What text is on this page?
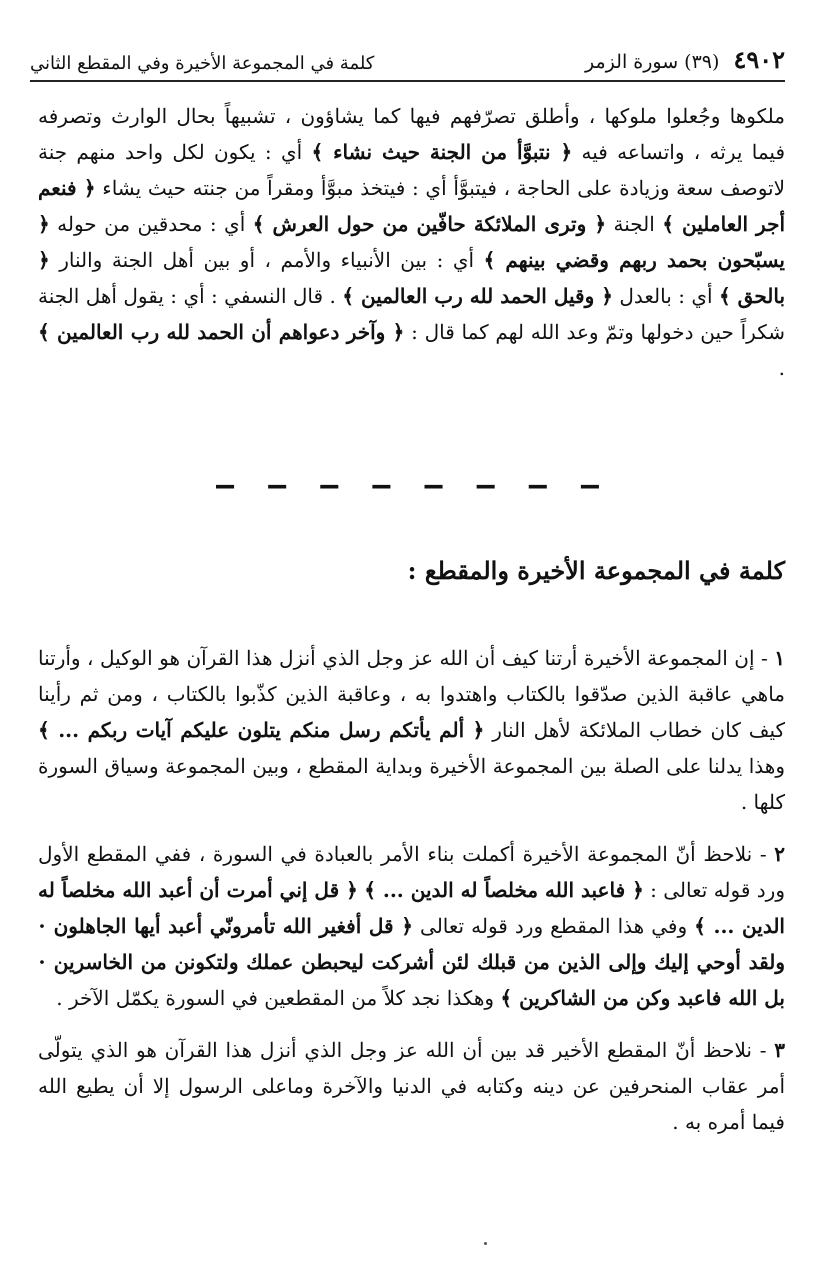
٤٩٠٢
(٣٩) سورة الزمر
كلمة في المجموعة الأخيرة وفي المقطع الثاني

ملكوها وجُعلوا ملوكها ، وأطلق تصرّفهم فيها كما يشاؤون ، تشبيهاً بحال الوارث وتصرفه فيما يرثه ، واتساعه فيه ﴿ نتبوَّأ من الجنة حيث نشاء ﴾ أي : يكون لكل واحد منهم جنة لاتوصف سعة وزيادة على الحاجة ، فيتبوَّأ أي : فيتخذ مبوَّأ ومقراً من جنته حيث يشاء ﴿ فنعم أجر العاملين ﴾ الجنة ﴿ وترى الملائكة حافّين من حول العرش ﴾ أي : محدقين من حوله ﴿ يسبّحون بحمد ربهم وقضي بينهم ﴾ أي : بين الأنبياء والأمم ، أو بين أهل الجنة والنار ﴿ بالحق ﴾ أي : بالعدل ﴿ وقيل الحمد لله رب العالمين ﴾ . قال النسفي : أي : يقول أهل الجنة شكراً حين دخولها وتمّ وعد الله لهم كما قال : ﴿ وآخر دعواهم أن الحمد لله رب العالمين ﴾ .

— — — — — — — —
كلمة في المجموعة الأخيرة والمقطع :

١ - إن المجموعة الأخيرة أرتنا كيف أن الله عز وجل الذي أنزل هذا القرآن هو الوكيل ، وأرتنا ماهي عاقبة الذين صدّقوا بالكتاب واهتدوا به ، وعاقبة الذين كذّبوا بالكتاب ، ومن ثم رأينا كيف كان خطاب الملائكة لأهل النار ﴿ ألم يأتكم رسل منكم يتلون عليكم آيات ربكم ... ﴾ وهذا يدلنا على الصلة بين المجموعة الأخيرة وبداية المقطع ، وبين المجموعة وسياق السورة كلها .

٢ - نلاحظ أنّ المجموعة الأخيرة أكملت بناء الأمر بالعبادة في السورة ، ففي المقطع الأول ورد قوله تعالى : ﴿ فاعبد الله مخلصاً له الدين ... ﴾ ﴿ قل إني أمرت أن أعبد الله مخلصاً له الدين ... ﴾ وفي هذا المقطع ورد قوله تعالى ﴿ قل أفغير الله تأمرونّي أعبد أيها الجاهلون ⋅ ولقد أوحي إليك وإلى الذين من قبلك لئن أشركت ليحبطن عملك ولتكونن من الخاسرين ⋅ بل الله فاعبد وكن من الشاكرين ﴾ وهكذا نجد كلاً من المقطعين في السورة يكمّل الآخر .

٣ - نلاحظ أنّ المقطع الأخير قد بين أن الله عز وجل الذي أنزل هذا القرآن هو الذي يتولّى أمر عقاب المنحرفين عن دينه وكتابه في الدنيا والآخرة وماعلى الرسول إلا أن يطيع الله فيما أمره به .
